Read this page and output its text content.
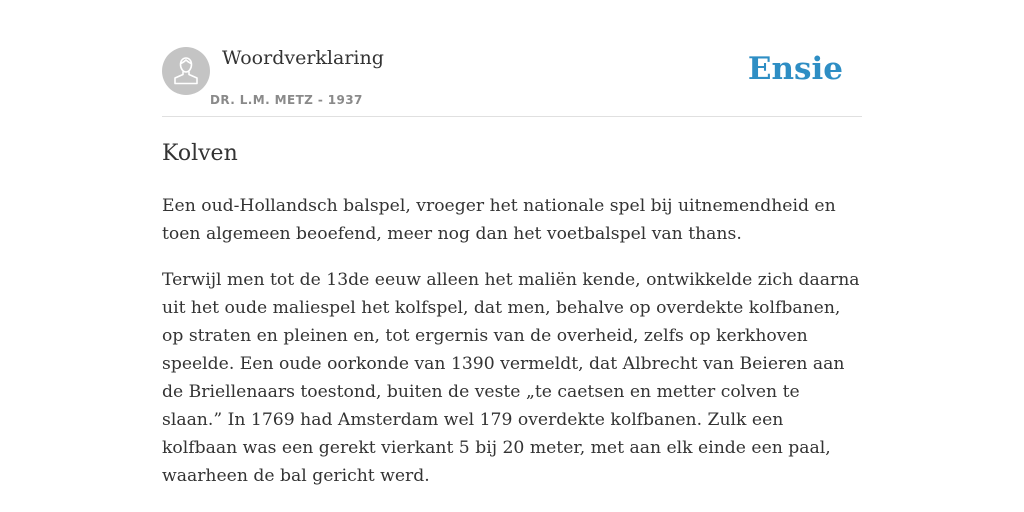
Woordverklaring
DR. L.M. METZ - 1937
Ensie
Kolven

Een oud-Hollandsch balspel, vroeger het nationale spel bij uitnemendheid en toen algemeen beoefend, meer nog dan het voetbalspel van thans.

Terwijl men tot de 13de eeuw alleen het maliën kende, ontwikkelde zich daarna uit het oude maliespel het kolfspel, dat men, behalve op overdekte kolfbanen, op straten en pleinen en, tot ergernis van de overheid, zelfs op kerkhoven speelde. Een oude oorkonde van 1390 vermeldt, dat Albrecht van Beieren aan de Briellenaars toestond, buiten de veste „te caetsen en metter colven te slaan.” In 1769 had Amsterdam wel 179 overdekte kolfbanen. Zulk een kolfbaan was een gerekt vierkant 5 bij 20 meter, met aan elk einde een paal, waarheen de bal gericht werd.
